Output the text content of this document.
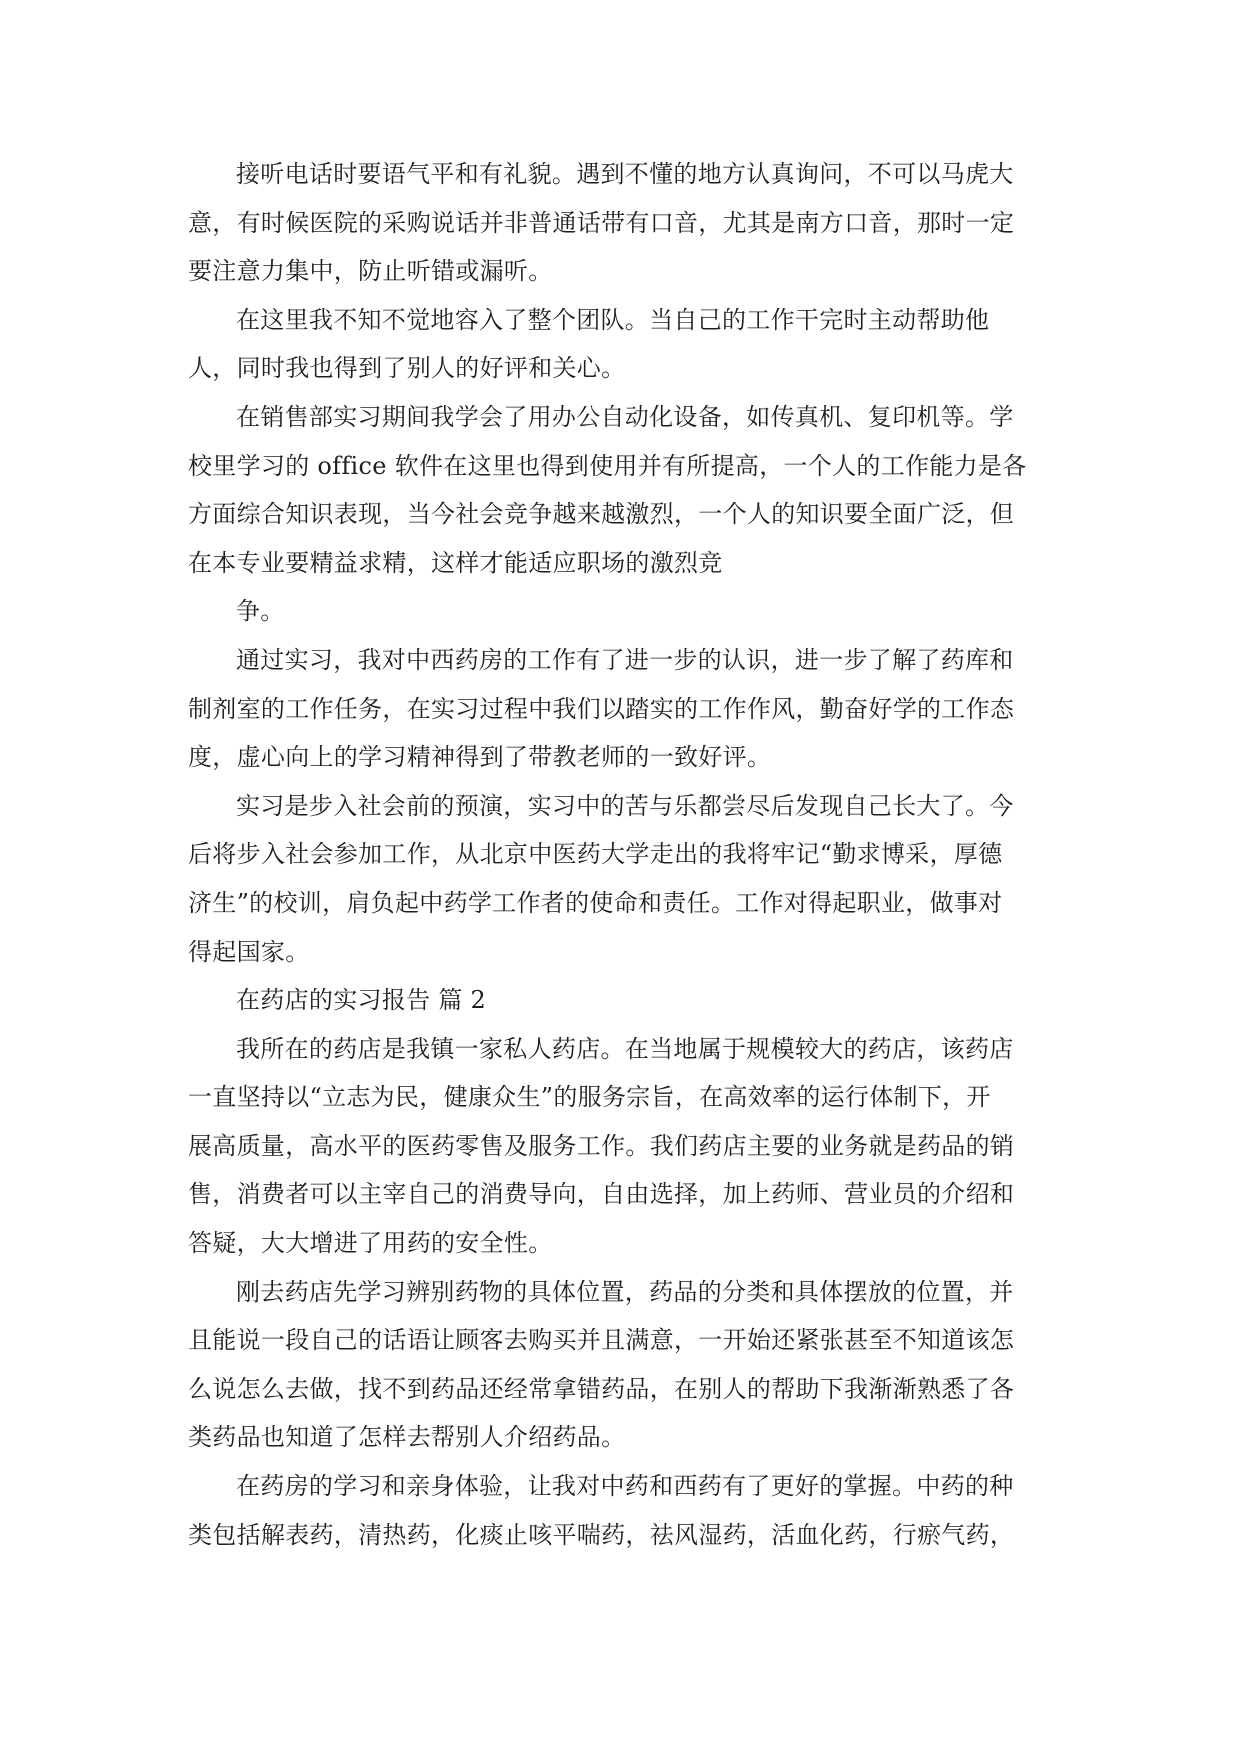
接听电话时要语气平和有礼貌。遇到不懂的地方认真询问，不可以马虎大
意，有时候医院的采购说话并非普通话带有口音，尤其是南方口音，那时一定
要注意力集中，防止听错或漏听。

在这里我不知不觉地容入了整个团队。当自己的工作干完时主动帮助他
人，同时我也得到了别人的好评和关心。

在销售部实习期间我学会了用办公自动化设备，如传真机、复印机等。学
校里学习的 office 软件在这里也得到使用并有所提高，一个人的工作能力是各
方面综合知识表现，当今社会竞争越来越激烈，一个人的知识要全面广泛，但
在本专业要精益求精，这样才能适应职场的激烈竞

争。

通过实习，我对中西药房的工作有了进一步的认识，进一步了解了药库和
制剂室的工作任务，在实习过程中我们以踏实的工作作风，勤奋好学的工作态
度，虚心向上的学习精神得到了带教老师的一致好评。

实习是步入社会前的预演，实习中的苦与乐都尝尽后发现自己长大了。今
后将步入社会参加工作，从北京中医药大学走出的我将牢记“勤求博采，厚德
济生”的校训，肩负起中药学工作者的使命和责任。工作对得起职业，做事对
得起国家。

在药店的实习报告 篇 2

我所在的药店是我镇一家私人药店。在当地属于规模较大的药店，该药店
一直坚持以“立志为民，健康众生”的服务宗旨，在高效率的运行体制下，开
展高质量，高水平的医药零售及服务工作。我们药店主要的业务就是药品的销
售，消费者可以主宰自己的消费导向，自由选择，加上药师、营业员的介绍和
答疑，大大增进了用药的安全性。

刚去药店先学习辨别药物的具体位置，药品的分类和具体摆放的位置，并
且能说一段自己的话语让顾客去购买并且满意，一开始还紧张甚至不知道该怎
么说怎么去做，找不到药品还经常拿错药品，在别人的帮助下我渐渐熟悉了各
类药品也知道了怎样去帮别人介绍药品。

在药房的学习和亲身体验，让我对中药和西药有了更好的掌握。中药的种
类包括解表药，清热药，化痰止咳平喘药，祛风湿药，活血化药，行瘀气药，
